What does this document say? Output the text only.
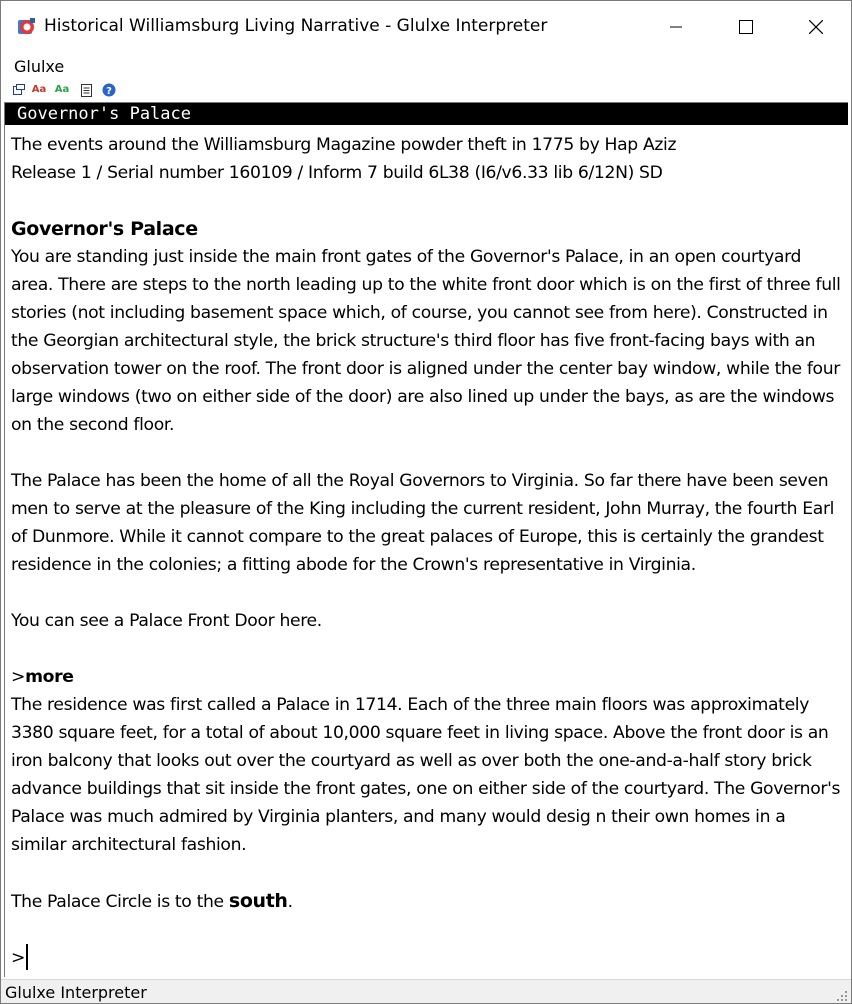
Historical Williamsburg Living Narrative - Glulxe Interpreter
Glulxe
Aa Aa	?
Governor's Palace

The events around the Williamsburg Magazine powder theft in 1775 by Hap Aziz

Release 1 / Serial number 160109 / Inform 7 build 6L38 (I6/v6.33 lib 6/12N) SD

Governor's Palace

You are standing just inside the main front gates of the Governor's Palace, in an open courtyard area. There are steps to the north leading up to the white front door which is on the first of three full stories (not including basement space which, of course, you cannot see from here). Constructed in the Georgian architectural style, the brick structure's third floor has five front-facing bays with an observation tower on the roof. The front door is aligned under the center bay window, while the four large windows (two on either side of the door) are also lined up under the bays, as are the windows on the second floor.

The Palace has been the home of all the Royal Governors to Virginia. So far there have been seven men to serve at the pleasure of the King including the current resident, John Murray, the fourth Earl of Dunmore. While it cannot compare to the great palaces of Europe, this is certainly the grandest residence in the colonies; a fitting abode for the Crown's representative in Virginia.

You can see a Palace Front Door here.

>more

The residence was first called a Palace in 1714. Each of the three main floors was approximately 3380 square feet, for a total of about 10,000 square feet in living space. Above the front door is an iron balcony that looks out over the courtyard as well as over both the one-and-a-half story brick advance buildings that sit inside the front gates, one on either side of the courtyard. The Governor's Palace was much admired by Virginia planters, and many would desig n their own homes in a similar architectural fashion.

The Palace Circle is to the south.

>

Glulxe Interpreter
